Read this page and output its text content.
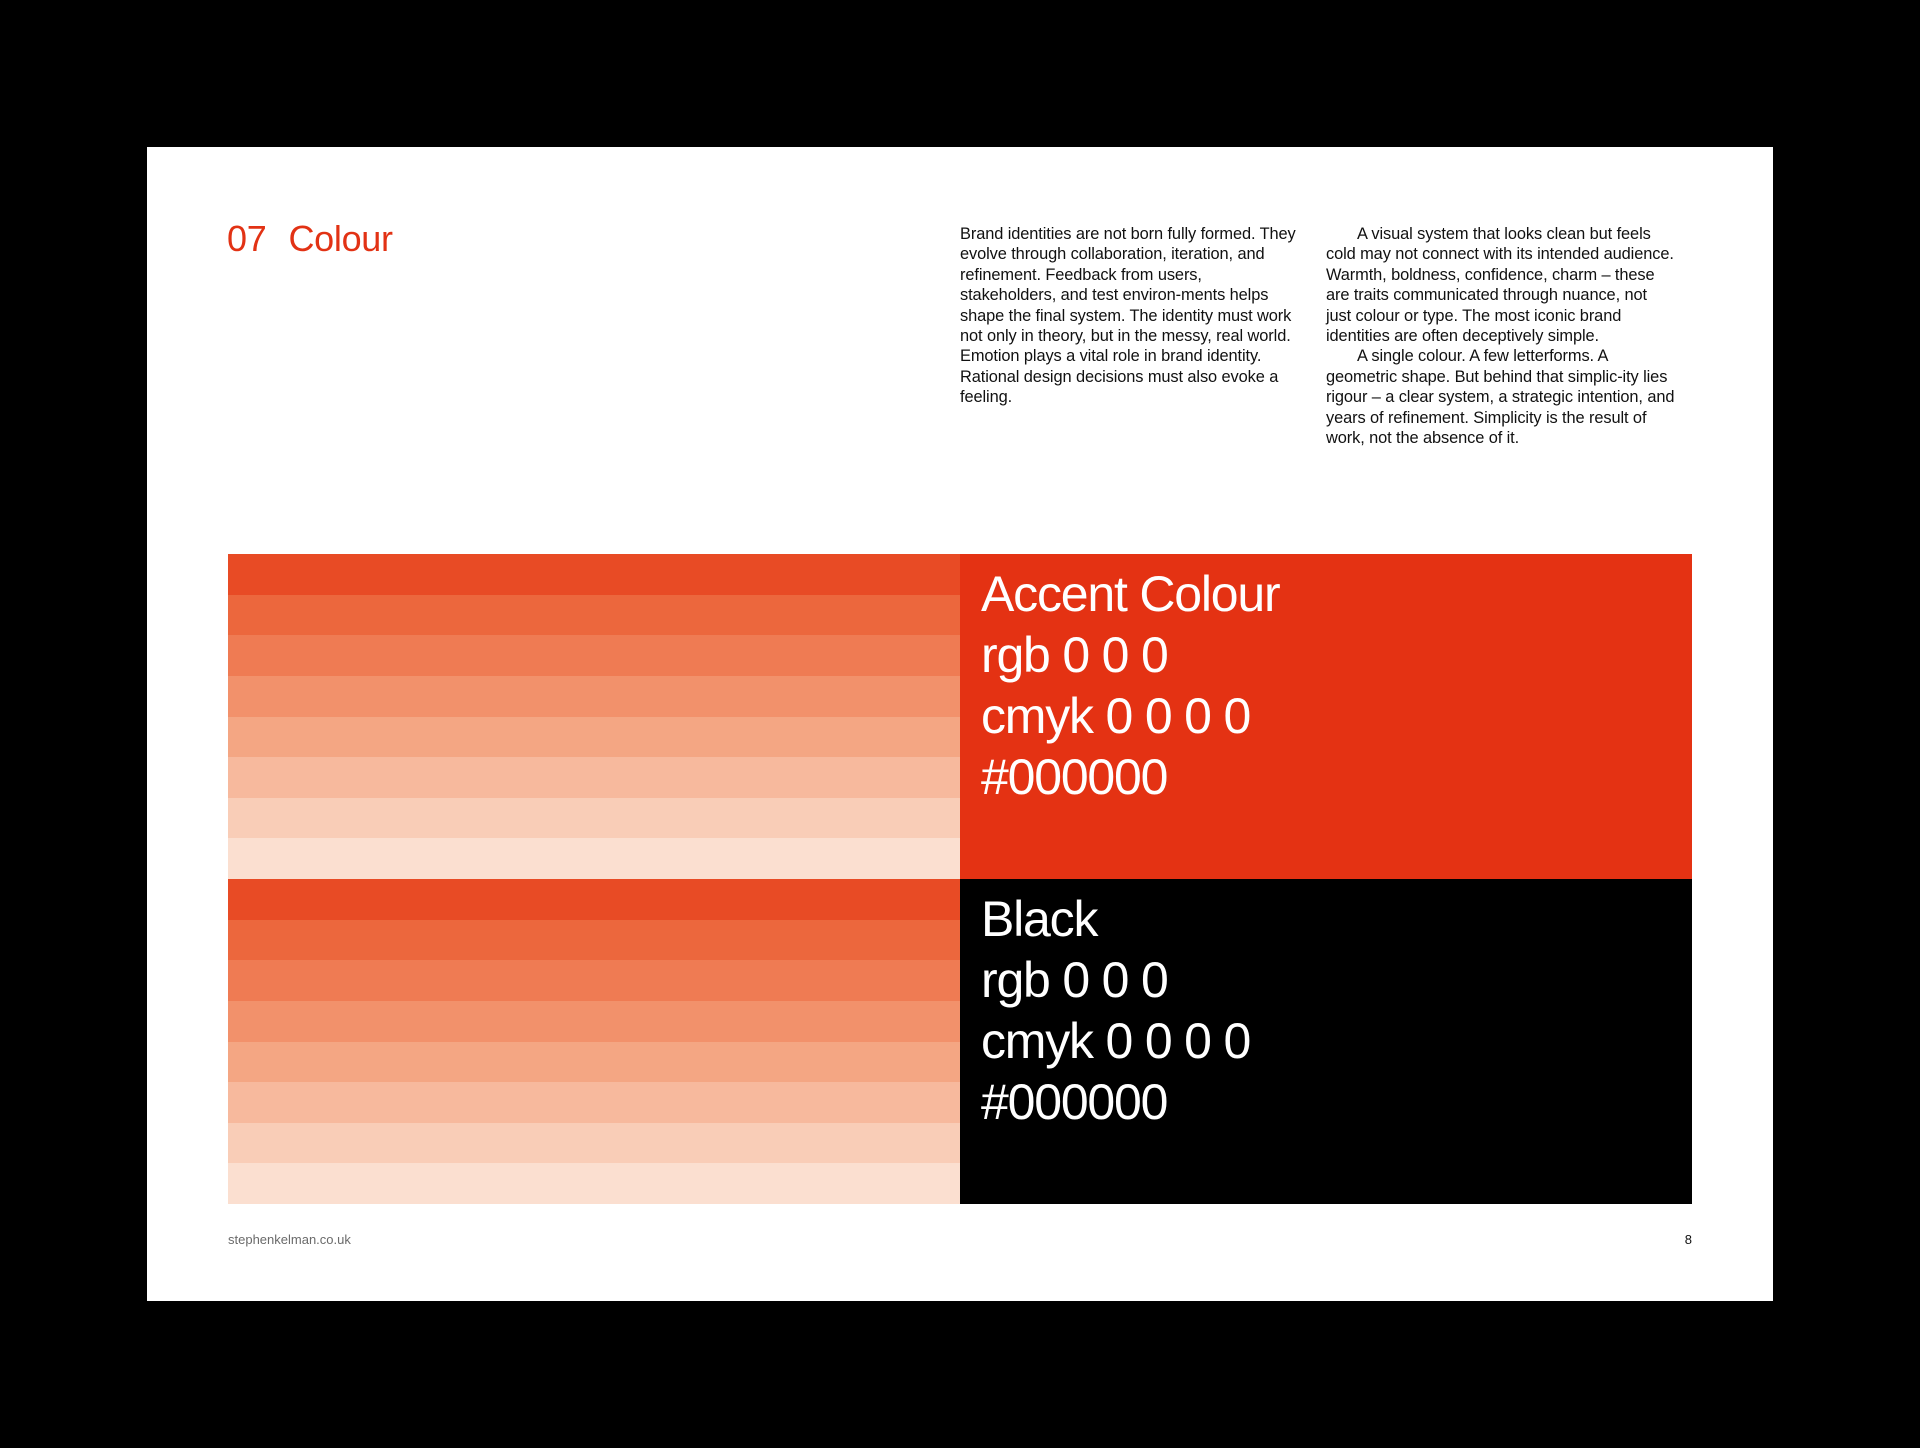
07 Colour	Brand identities are not born fully formed. They evolve through collaboration, iteration, and refinement. Feedback from users, stakeholders, and test environ-ments helps shape the final system. The identity must work not only in theory, but in the messy, real world. Emotion plays a vital role in brand identity. Rational design decisions must also evoke a feeling.

A visual system that looks clean but feels cold may not connect with its intended audience. Warmth, boldness, confidence, charm – these are traits communicated through nuance, not just colour or type. The most iconic brand identities are often deceptively simple.

A single colour. A few letterforms. A geometric shape. But behind that simplic-ity lies rigour – a clear system, a strategic intention, and years of refinement. Simplicity is the result of work, not the absence of it.

Accent Colour
rgb 0 0 0
cmyk 0 0 0 0
#000000
Black
rgb 0 0 0
cmyk 0 0 0 0
#000000
stephenkelman.co.uk	8
